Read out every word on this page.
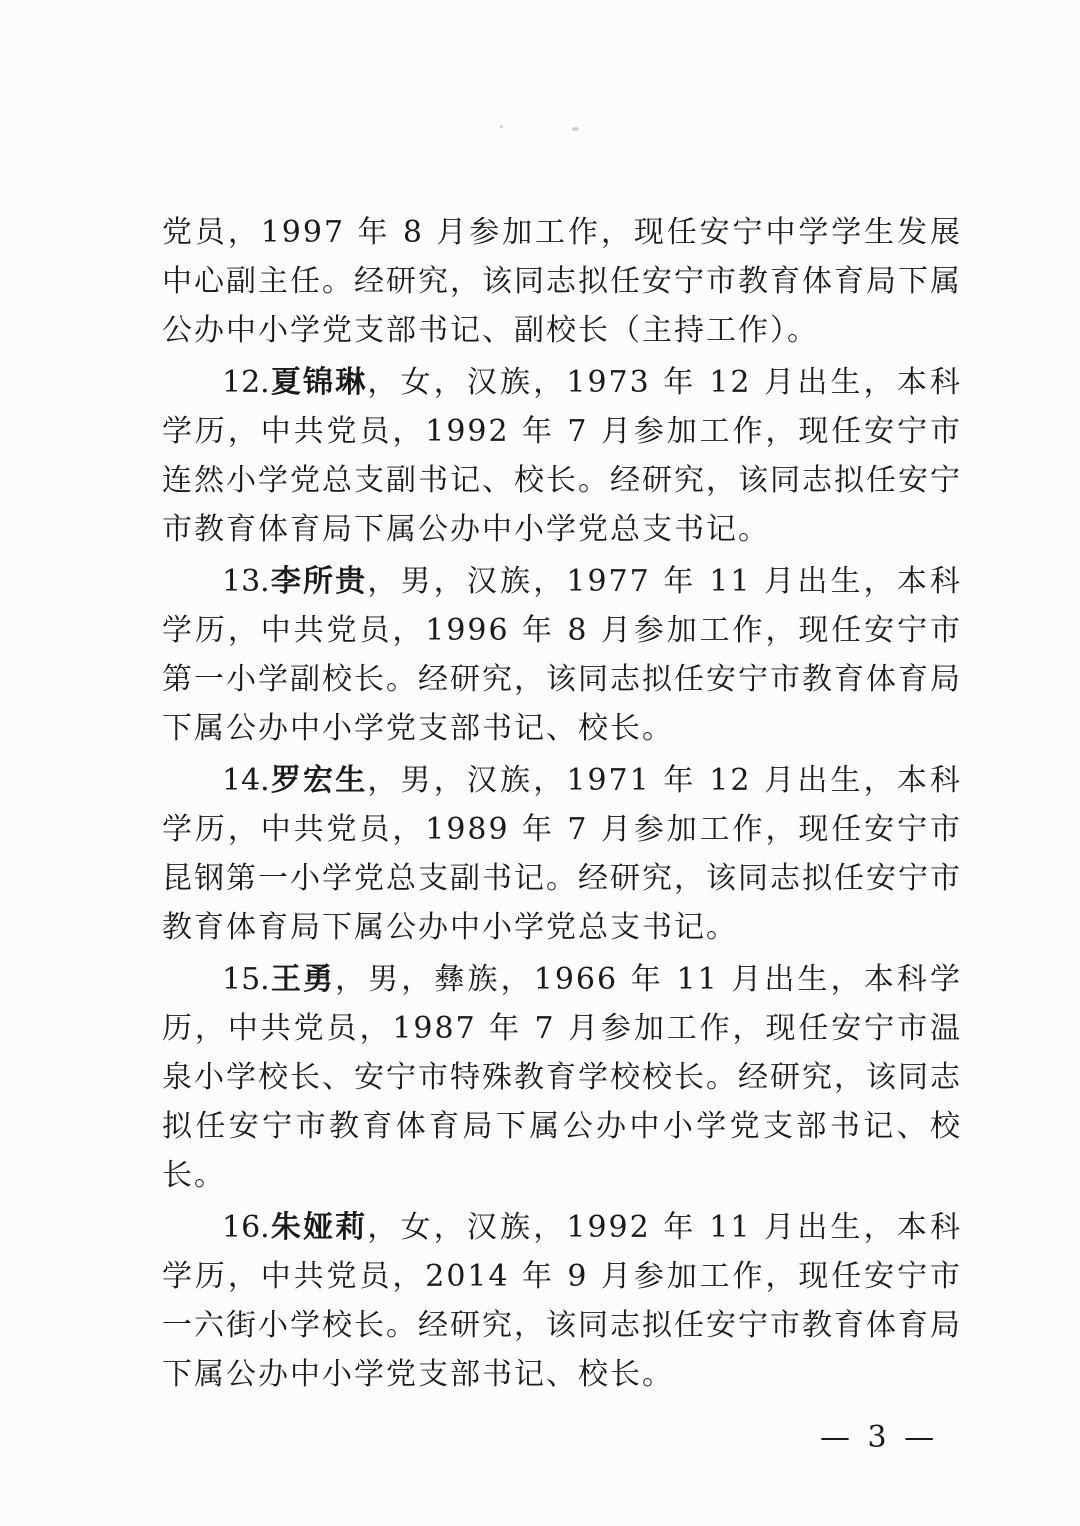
党员，1997 年 8 月参加工作，现任安宁中学学生发展中心副主任。经研究，该同志拟任安宁市教育体育局下属公办中小学党支部书记、副校长（主持工作）。

12.夏锦琳，女，汉族，1973 年 12 月出生，本科学历，中共党员，1992 年 7 月参加工作，现任安宁市连然小学党总支副书记、校长。经研究，该同志拟任安宁市教育体育局下属公办中小学党总支书记。

13.李所贵，男，汉族，1977 年 11 月出生，本科学历，中共党员，1996 年 8 月参加工作，现任安宁市第一小学副校长。经研究，该同志拟任安宁市教育体育局下属公办中小学党支部书记、校长。

14.罗宏生，男，汉族，1971 年 12 月出生，本科学历，中共党员，1989 年 7 月参加工作，现任安宁市昆钢第一小学党总支副书记。经研究，该同志拟任安宁市教育体育局下属公办中小学党总支书记。

15.王勇，男，彝族，1966 年 11 月出生，本科学历，中共党员，1987 年 7 月参加工作，现任安宁市温泉小学校长、安宁市特殊教育学校校长。经研究，该同志拟任安宁市教育体育局下属公办中小学党支部书记、校长。

16.朱娅莉，女，汉族，1992 年 11 月出生，本科学历，中共党员，2014 年 9 月参加工作，现任安宁市一六街小学校长。经研究，该同志拟任安宁市教育体育局下属公办中小学党支部书记、校长。

— 3 —
